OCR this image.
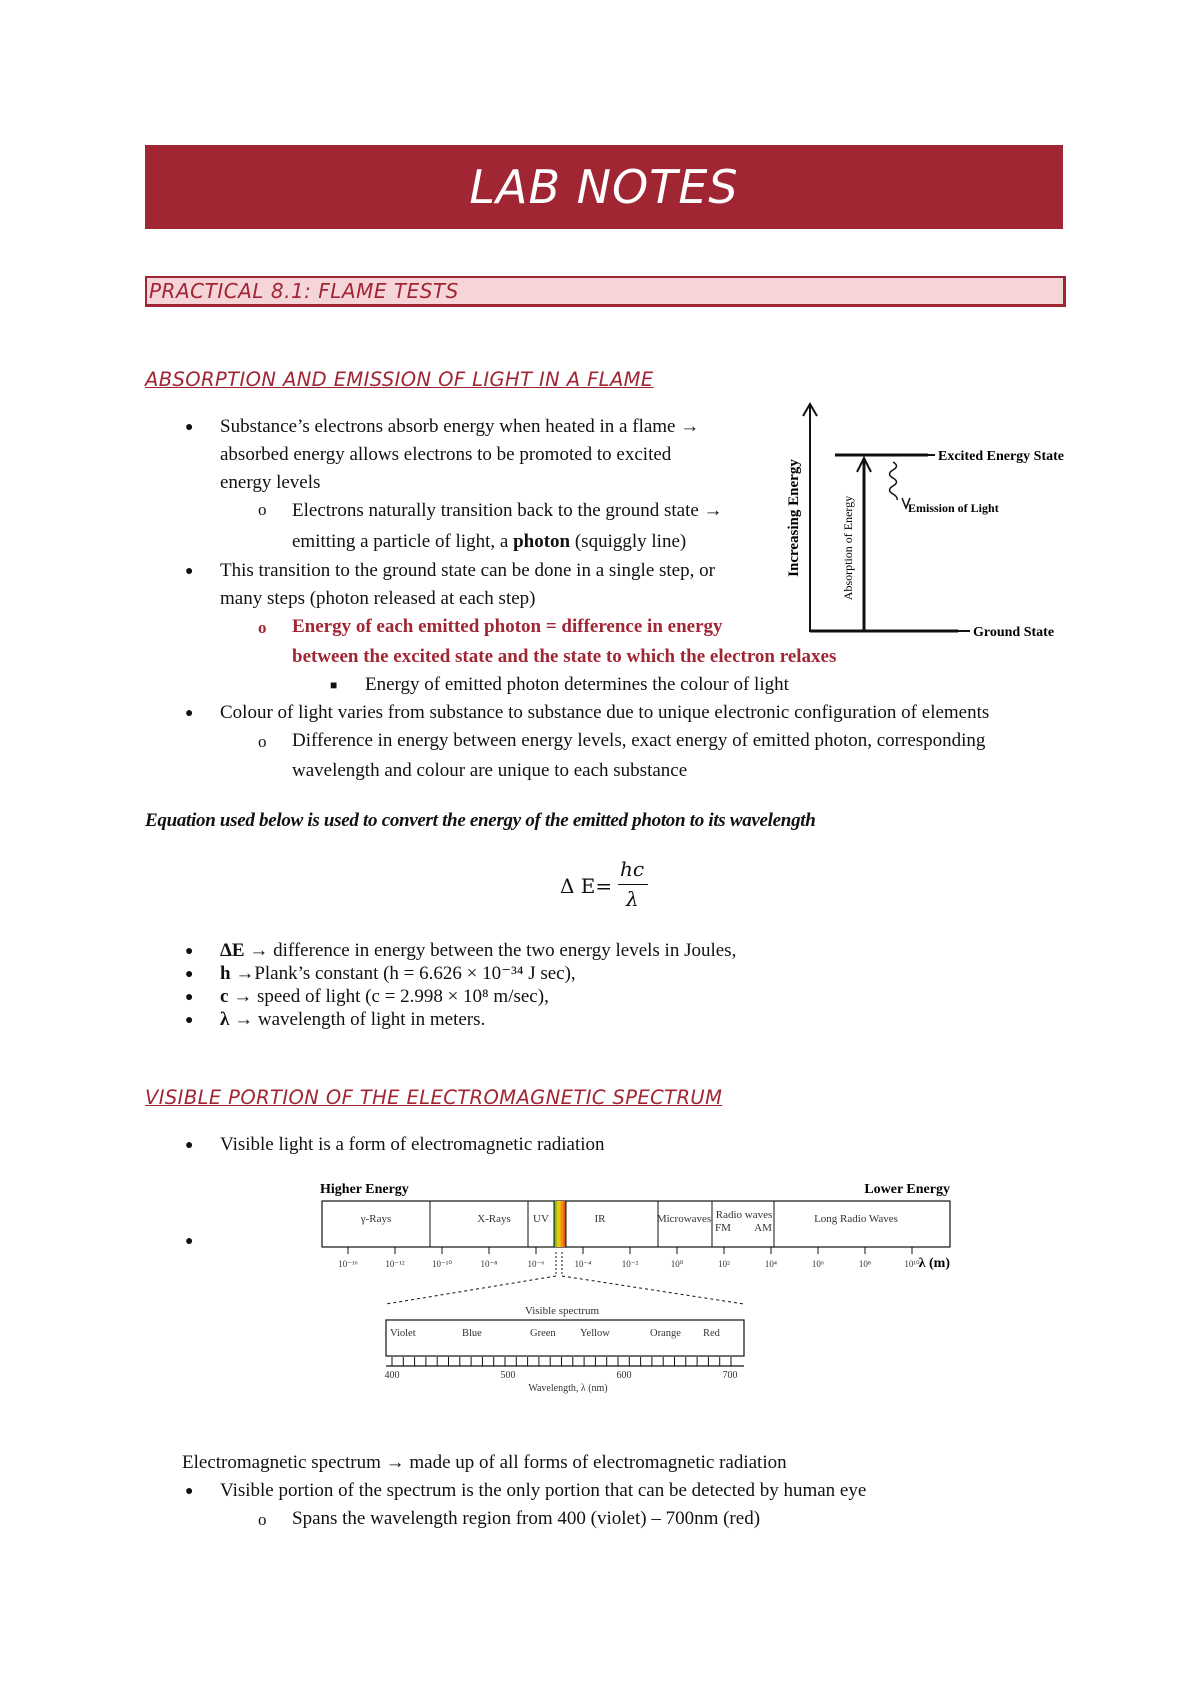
LAB NOTES
PRACTICAL 8.1: FLAME TESTS
ABSORPTION AND EMISSION OF LIGHT IN A FLAME
● Substance’s electrons absorb energy when heated in a flame →
absorbed energy allows electrons to be promoted to excited
energy levels
o Electrons naturally transition back to the ground state →
emitting a particle of light, a photon (squiggly line)
● This transition to the ground state can be done in a single step, or
many steps (photon released at each step)
o Energy of each emitted photon = difference in energy
between the excited state and the state to which the electron relaxes
■ Energy of emitted photon determines the colour of light
● Colour of light varies from substance to substance due to unique electronic configuration of elements
o Difference in energy between energy levels, exact energy of emitted photon, corresponding
wavelength and colour are unique to each substance
Increasing Energy	Absorption of Energy
Excited Energy State
Emission of Light
Ground State
Equation used below is used to convert the energy of the emitted photon to its wavelength
Δ E=
hc
λ
● ΔE → difference in energy between the two energy levels in Joules,
● h →Plank’s constant (h = 6.626 × 10⁻³⁴ J sec),
● c → speed of light (c = 2.998 × 10⁸ m/sec),
● λ → wavelength of light in meters.
VISIBLE PORTION OF THE ELECTROMAGNETIC SPECTRUM
● Visible light is a form of electromagnetic radiation
●
Higher Energy	Lower Energy
γ-Rays	X-Rays UV	IR	Microwaves Radio waves
FM AM
Long Radio Waves
10⁻¹⁶	10⁻¹²	10⁻¹⁰	10⁻⁸	10⁻⁶	10⁻⁴	10⁻²	10⁰	10²	10⁴	10⁶	10⁸	10¹⁰
λ (m)
Visible spectrum
Violet	Blue	Green Yellow	Orange Red
400	500	600	700
Wavelength, λ (nm)
Electromagnetic spectrum → made up of all forms of electromagnetic radiation
● Visible portion of the spectrum is the only portion that can be detected by human eye
o Spans the wavelength region from 400 (violet) – 700nm (red)
